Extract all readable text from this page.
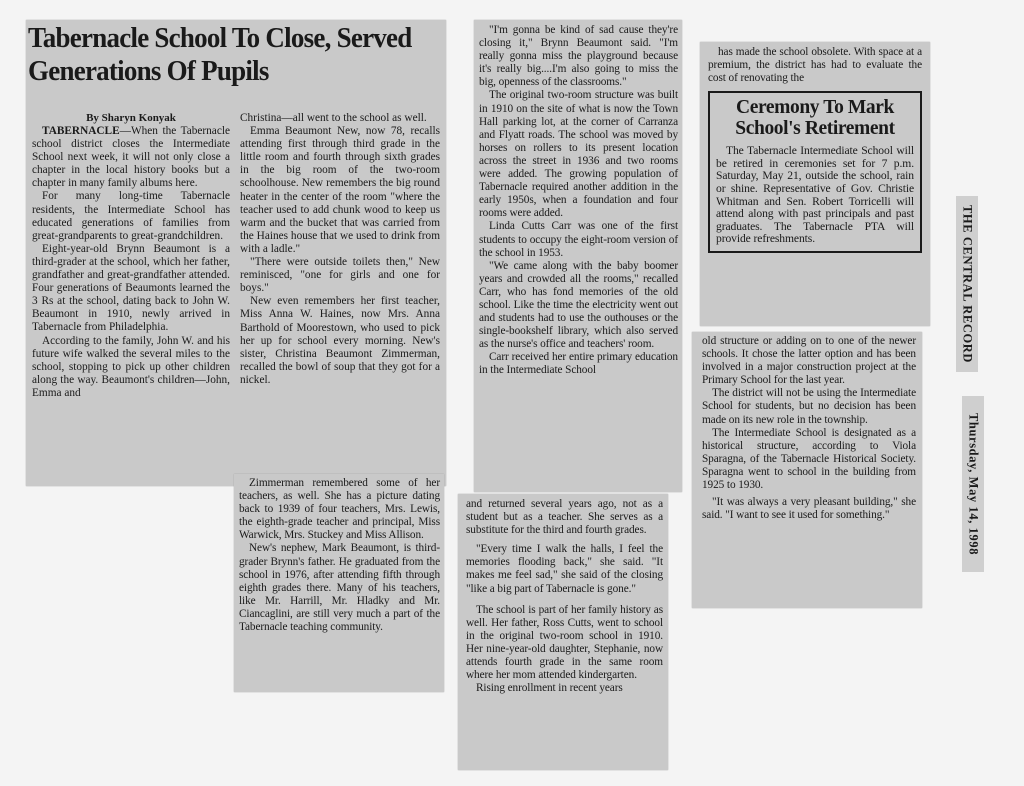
Tabernacle School To Close, Served Generations Of Pupils
By Sharyn Konyak

TABERNACLE—When the Tabernacle school district closes the Intermediate School next week, it will not only close a chapter in the local history books but a chapter in many family albums here.

For many long-time Tabernacle residents, the Intermediate School has educated generations of families from great-grandparents to great-grandchildren.

Eight-year-old Brynn Beaumont is a third-grader at the school, which her father, grandfather and great-grandfather attended. Four generations of Beaumonts learned the 3 Rs at the school, dating back to John W. Beaumont in 1910, newly arrived in Tabernacle from Philadelphia.

According to the family, John W. and his future wife walked the several miles to the school, stopping to pick up other children along the way. Beaumont's children—John, Emma and

Christina—all went to the school as well.

Emma Beaumont New, now 78, recalls attending first through third grade in the little room and fourth through sixth grades in the big room of the two-room schoolhouse. New remembers the big round heater in the center of the room "where the teacher used to add chunk wood to keep us warm and the bucket that was carried from the Haines house that we used to drink from with a ladle."

"There were outside toilets then," New reminisced, "one for girls and one for boys."

New even remembers her first teacher, Miss Anna W. Haines, now Mrs. Anna Barthold of Moorestown, who used to pick her up for school every morning. New's sister, Christina Beaumont Zimmerman, recalled the bowl of soup that they got for a nickel.

Zimmerman remembered some of her teachers, as well. She has a picture dating back to 1939 of four teachers, Mrs. Lewis, the eighth-grade teacher and principal, Miss Warwick, Mrs. Stuckey and Miss Allison.

New's nephew, Mark Beaumont, is third-grader Brynn's father. He graduated from the school in 1976, after attending fifth through eighth grades there. Many of his teachers, like Mr. Harrill, Mr. Hladky and Mr. Ciancaglini, are still very much a part of the Tabernacle teaching community.

"I'm gonna be kind of sad cause they're closing it," Brynn Beaumont said. "I'm really gonna miss the playground because it's really big....I'm also going to miss the big, openness of the classrooms."

The original two-room structure was built in 1910 on the site of what is now the Town Hall parking lot, at the corner of Carranza and Flyatt roads. The school was moved by horses on rollers to its present location across the street in 1936 and two rooms were added. The growing population of Tabernacle required another addition in the early 1950s, when a foundation and four rooms were added.

Linda Cutts Carr was one of the first students to occupy the eight-room version of the school in 1953.

"We came along with the baby boomer years and crowded all the rooms," recalled Carr, who has fond memories of the old school. Like the time the electricity went out and students had to use the outhouses or the single-bookshelf library, which also served as the nurse's office and teachers' room.

Carr received her entire primary education in the Intermediate School

and returned several years ago, not as a student but as a teacher. She serves as a substitute for the third and fourth grades.

"Every time I walk the halls, I feel the memories flooding back," she said. "It makes me feel sad," she said of the closing "like a big part of Tabernacle is gone."

The school is part of her family history as well. Her father, Ross Cutts, went to school in the original two-room school in 1910. Her nine-year-old daughter, Stephanie, now attends fourth grade in the same room where her mom attended kindergarten.

Rising enrollment in recent years

has made the school obsolete. With space at a premium, the district has had to evaluate the cost of renovating the

Ceremony To Mark School's Retirement

The Tabernacle Intermediate School will be retired in ceremonies set for 7 p.m. Saturday, May 21, outside the school, rain or shine. Representative of Gov. Christie Whitman and Sen. Robert Torricelli will attend along with past principals and past graduates. The Tabernacle PTA will provide refreshments.

old structure or adding on to one of the newer schools. It chose the latter option and has been involved in a major construction project at the Primary School for the last year.

The district will not be using the Intermediate School for students, but no decision has been made on its new role in the township.

The Intermediate School is designated as a historical structure, according to Viola Sparagna, of the Tabernacle Historical Society. Sparagna went to school in the building from 1925 to 1930.

"It was always a very pleasant building," she said. "I want to see it used for something."

THE CENTRAL RECORD
Thursday, May 14, 1998
